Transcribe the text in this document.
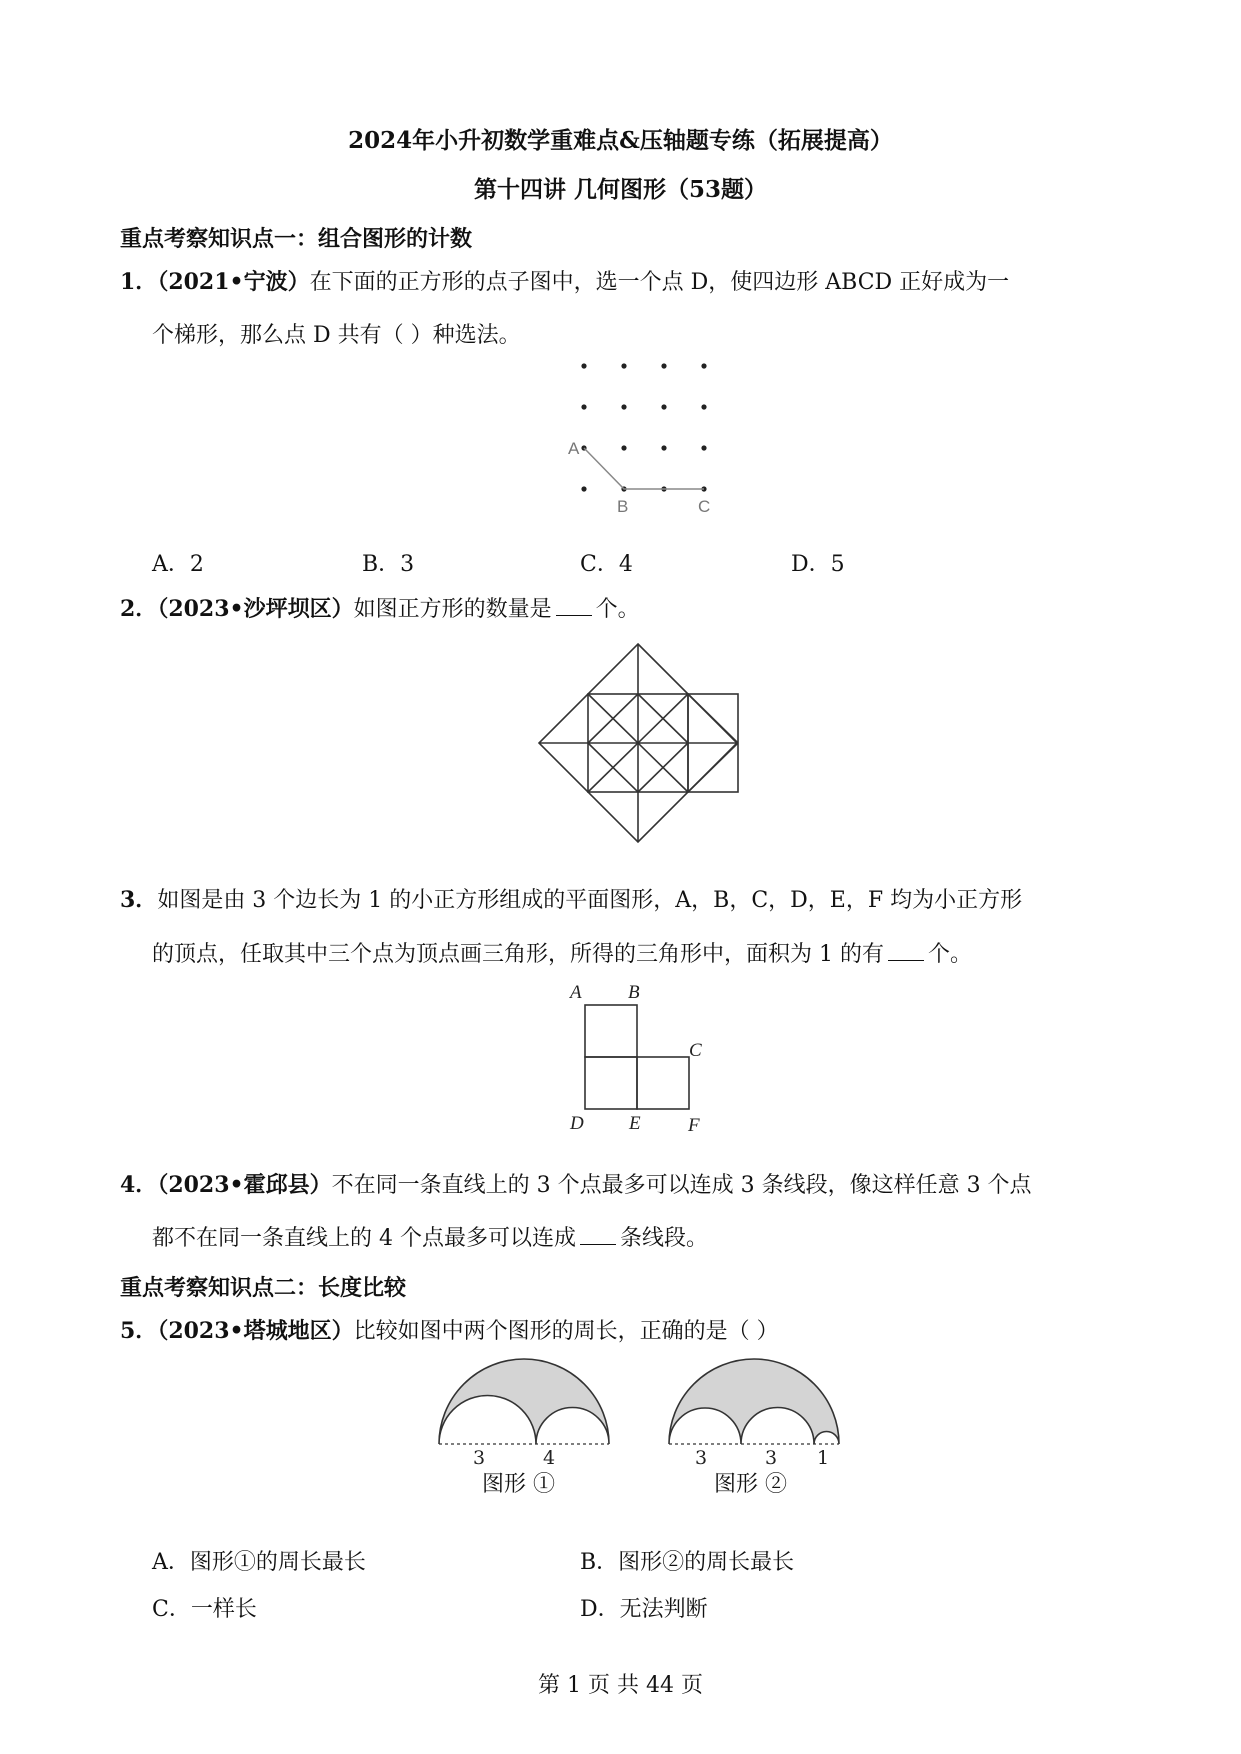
2024年小升初数学重难点&压轴题专练（拓展提高）
第十四讲 几何图形（53题）
重点考察知识点一：组合图形的计数
1．（2021•宁波）在下面的正方形的点子图中，选一个点 D，使四边形 ABCD 正好成为一
个梯形，那么点 D 共有（ ）种选法。
A
B	C
A．2	B．3	C．4	D．5
2．（2023•沙坪坝区）如图正方形的数量是 个。
3．如图是由 3 个边长为 1 的小正方形组成的平面图形，A，B，C，D，E，F 均为小正方形
的顶点，任取其中三个点为顶点画三角形，所得的三角形中，面积为 1 的有 个。
A B
C
D E F
4．（2023•霍邱县）不在同一条直线上的 3 个点最多可以连成 3 条线段，像这样任意 3 个点
都不在同一条直线上的 4 个点最多可以连成 条线段。
重点考察知识点二：长度比较
5．（2023•塔城地区）比较如图中两个图形的周长，正确的是（ ）
3	4
图形 ①
3	3 1
图形 ②
A．图形①的周长最长	B．图形②的周长最长
C．一样长	D．无法判断
第 1 页 共 44 页
